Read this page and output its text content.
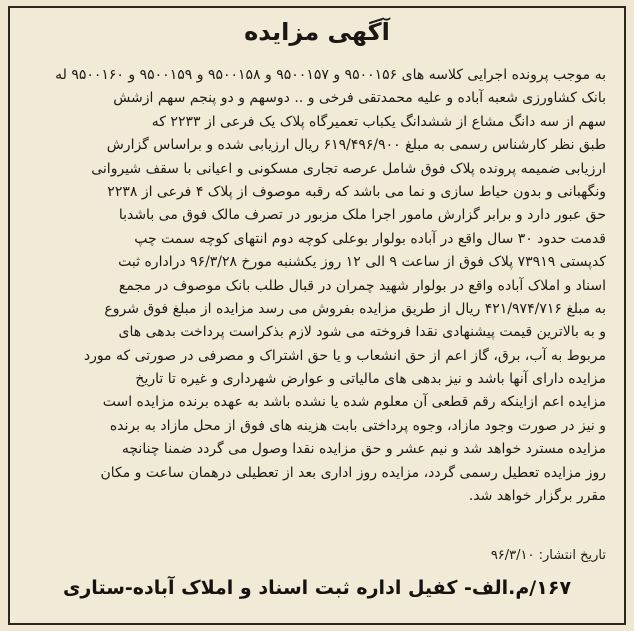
آگهی مزایده
به موجب پرونده اجرایی کلاسه های ۹۵۰۰۱۵۶ و ۹۵۰۰۱۵۷ و ۹۵۰۰۱۵۸ و ۹۵۰۰۱۵۹ و ۹۵۰۰۱۶۰ له
بانک کشاورزی شعبه آباده و علیه محمدتقی فرخی و .. دوسهم و دو پنجم سهم ازشش
سهم از سه دانگ مشاع از ششدانگ یکباب تعمیرگاه پلاک یک فرعی از ۲۲۳۳ که
طبق نظر کارشناس رسمی به مبلغ ۶۱۹/۴۹۶/۹۰۰ ریال ارزیابی شده و براساس گزارش
ارزیابی ضمیمه پرونده پلاک فوق شامل عرصه تجاری مسکونی و اعیانی با سقف شیروانی
ونگهبانی و بدون حیاط سازی و نما می باشد که رقبه موصوف از پلاک ۴ فرعی از ۲۲۳۸
حق عبور دارد و برابر گزارش مامور اجرا ملک مزبور در تصرف مالک فوق می باشدبا
قدمت حدود ۳۰ سال واقع در آباده بولوار بوعلی کوچه دوم انتهای کوچه سمت چپ
کدپستی ۷۳۹۱۹ پلاک فوق از ساعت ۹ الی ۱۲ روز یکشنبه مورخ ۹۶/۳/۲۸ دراداره ثبت
اسناد و املاک آباده واقع در بولوار شهید چمران در قبال طلب بانک موصوف در مجمع
به مبلغ ۴۲۱/۹۷۴/۷۱۶ ریال از طریق مزایده بفروش می رسد مزایده از مبلغ فوق شروع
و به بالاترین قیمت پیشنهادی نقدا فروخته می شود لازم بذکراست پرداخت بدهی های
مربوط به آب، برق، گاز اعم از حق انشعاب و یا حق اشتراک و مصرفی در صورتی که مورد
مزایده دارای آنها باشد و نیز بدهی های مالیاتی و عوارض شهرداری و غیره تا تاریخ
مزایده اعم ازاینکه رقم قطعی آن معلوم شده یا نشده باشد به عهده برنده مزایده است
و نیز در صورت وجود مازاد، وجوه پرداختی بابت هزینه های فوق از محل مازاد به برنده
مزایده مسترد خواهد شد و نیم عشر و حق مزایده نقدا وصول می گردد ضمنا چنانچه
روز مزایده تعطیل رسمی گردد، مزایده روز اداری بعد از تعطیلی درهمان ساعت و مکان
مقرر برگزار خواهد شد.
تاریخ انتشار: ۹۶/۳/۱۰
۱۶۷/م.الف- کفیل اداره ثبت اسناد و املاک آباده-ستاری
